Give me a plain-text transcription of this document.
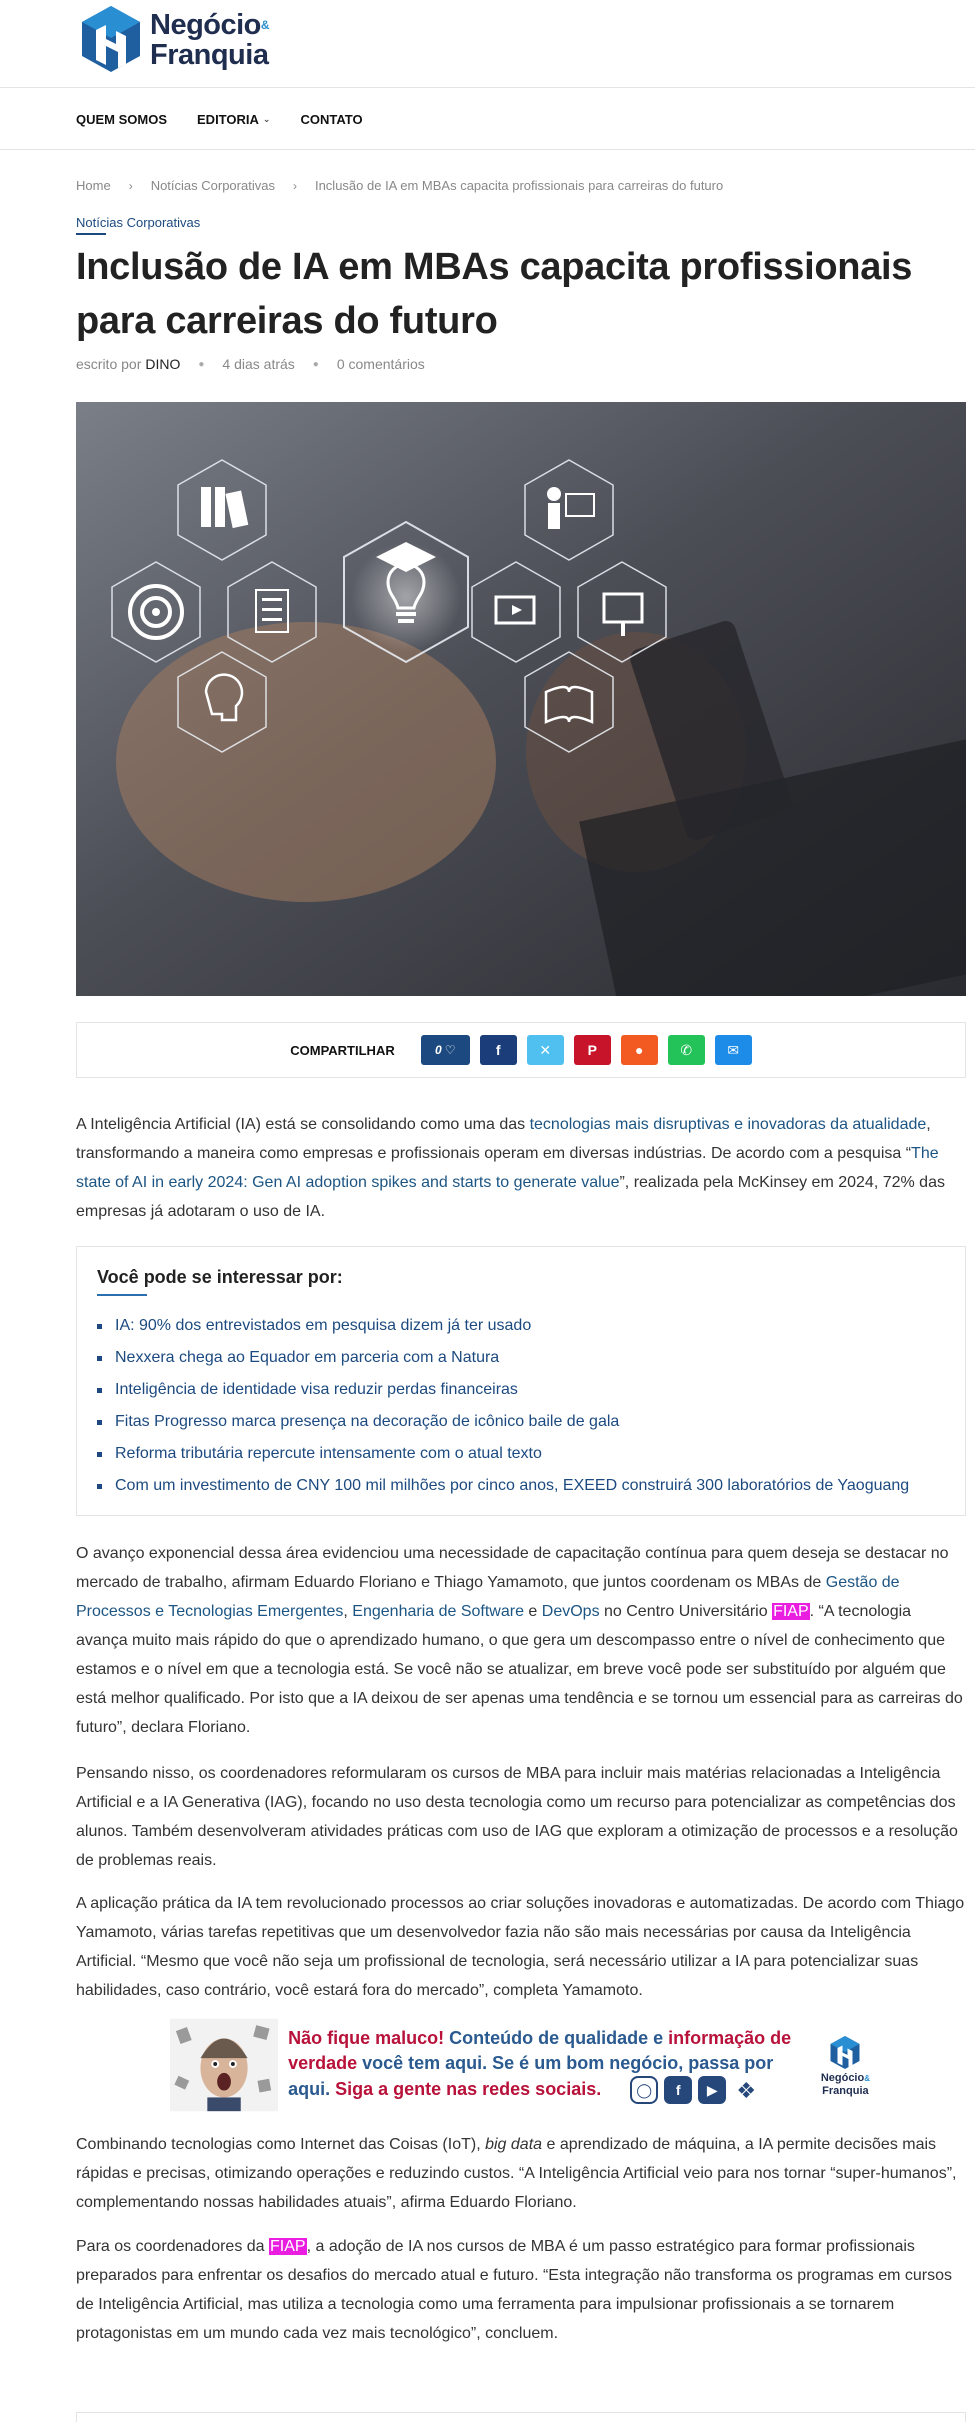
Negócio&
Franquia
QUEM SOMOS EDITORIA ⌄ CONTATO
Home › Notícias Corporativas › Inclusão de IA em MBAs capacita profissionais para carreiras do futuro
Notícias Corporativas
Inclusão de IA em MBAs capacita profissionais para carreiras do futuro
escrito por DINO ● 4 dias atrás ● 0 comentários
COMPARTILHAR	0 ♡	f	✕	P	●	✆	✉

A Inteligência Artificial (IA) está se consolidando como uma das tecnologias mais disruptivas e inovadoras da atualidade, transformando a maneira como empresas e profissionais operam em diversas indústrias. De acordo com a pesquisa “The state of AI in early 2024: Gen AI adoption spikes and starts to generate value”, realizada pela McKinsey em 2024, 72% das empresas já adotaram o uso de IA.

Você pode se interessar por:
IA: 90% dos entrevistados em pesquisa dizem já ter usado
Nexxera chega ao Equador em parceria com a Natura
Inteligência de identidade visa reduzir perdas financeiras
Fitas Progresso marca presença na decoração de icônico baile de gala
Reforma tributária repercute intensamente com o atual texto
Com um investimento de CNY 100 mil milhões por cinco anos, EXEED construirá 300 laboratórios de Yaoguang

O avanço exponencial dessa área evidenciou uma necessidade de capacitação contínua para quem deseja se destacar no mercado de trabalho, afirmam Eduardo Floriano e Thiago Yamamoto, que juntos coordenam os MBAs de Gestão de Processos e Tecnologias Emergentes, Engenharia de Software e DevOps no Centro Universitário FIAP. “A tecnologia avança muito mais rápido do que o aprendizado humano, o que gera um descompasso entre o nível de conhecimento que estamos e o nível em que a tecnologia está. Se você não se atualizar, em breve você pode ser substituído por alguém que está melhor qualificado. Por isto que a IA deixou de ser apenas uma tendência e se tornou um essencial para as carreiras do futuro”, declara Floriano.

Pensando nisso, os coordenadores reformularam os cursos de MBA para incluir mais matérias relacionadas a Inteligência Artificial e a IA Generativa (IAG), focando no uso desta tecnologia como um recurso para potencializar as competências dos alunos. Também desenvolveram atividades práticas com uso de IAG que exploram a otimização de processos e a resolução de problemas reais.

A aplicação prática da IA tem revolucionado processos ao criar soluções inovadoras e automatizadas. De acordo com Thiago Yamamoto, várias tarefas repetitivas que um desenvolvedor fazia não são mais necessárias por causa da Inteligência Artificial. “Mesmo que você não seja um profissional de tecnologia, será necessário utilizar a IA para potencializar suas habilidades, caso contrário, você estará fora do mercado”, completa Yamamoto.

Não fique maluco! Conteúdo de qualidade e informação de verdade você tem aqui. Se é um bom negócio, passa por aqui. Siga a gente nas redes sociais.	◯	f	▶ ❖	Negócio&
Franquia

Combinando tecnologias como Internet das Coisas (IoT), big data e aprendizado de máquina, a IA permite decisões mais rápidas e precisas, otimizando operações e reduzindo custos. “A Inteligência Artificial veio para nos tornar “super-humanos”, complementando nossas habilidades atuais”, afirma Eduardo Floriano.

Para os coordenadores da FIAP, a adoção de IA nos cursos de MBA é um passo estratégico para formar profissionais preparados para enfrentar os desafios do mercado atual e futuro. “Esta integração não transforma os programas em cursos de Inteligência Artificial, mas utiliza a tecnologia como uma ferramenta para impulsionar profissionais a se tornarem protagonistas em um mundo cada vez mais tecnológico”, concluem.
